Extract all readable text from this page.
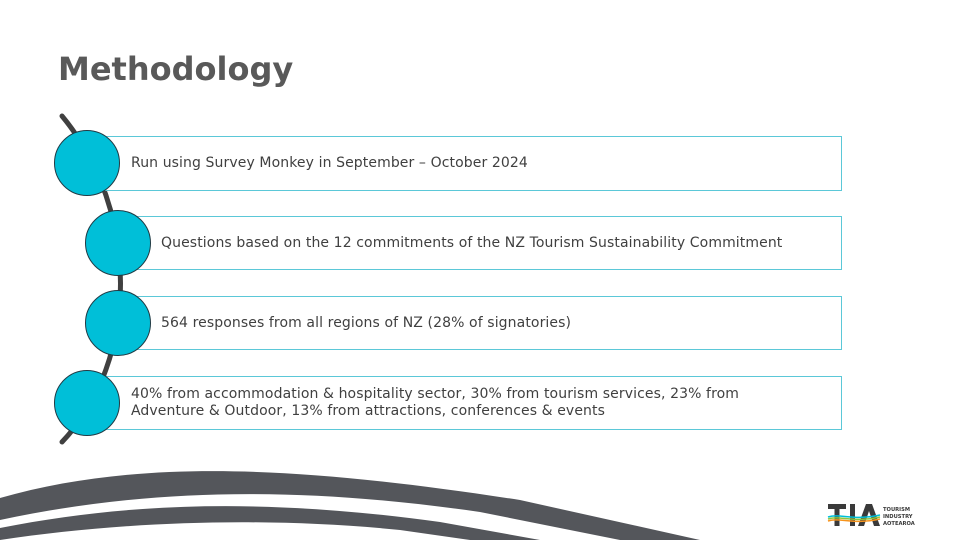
Methodology
Run using Survey Monkey in September – October 2024
Questions based on the 12 commitments of the NZ Tourism Sustainability Commitment
564 responses from all regions of NZ (28% of signatories)
40% from accommodation & hospitality sector, 30% from tourism services, 23% from Adventure & Outdoor, 13% from attractions, conferences & events
TOURISM
INDUSTRY
AOTEAROA
